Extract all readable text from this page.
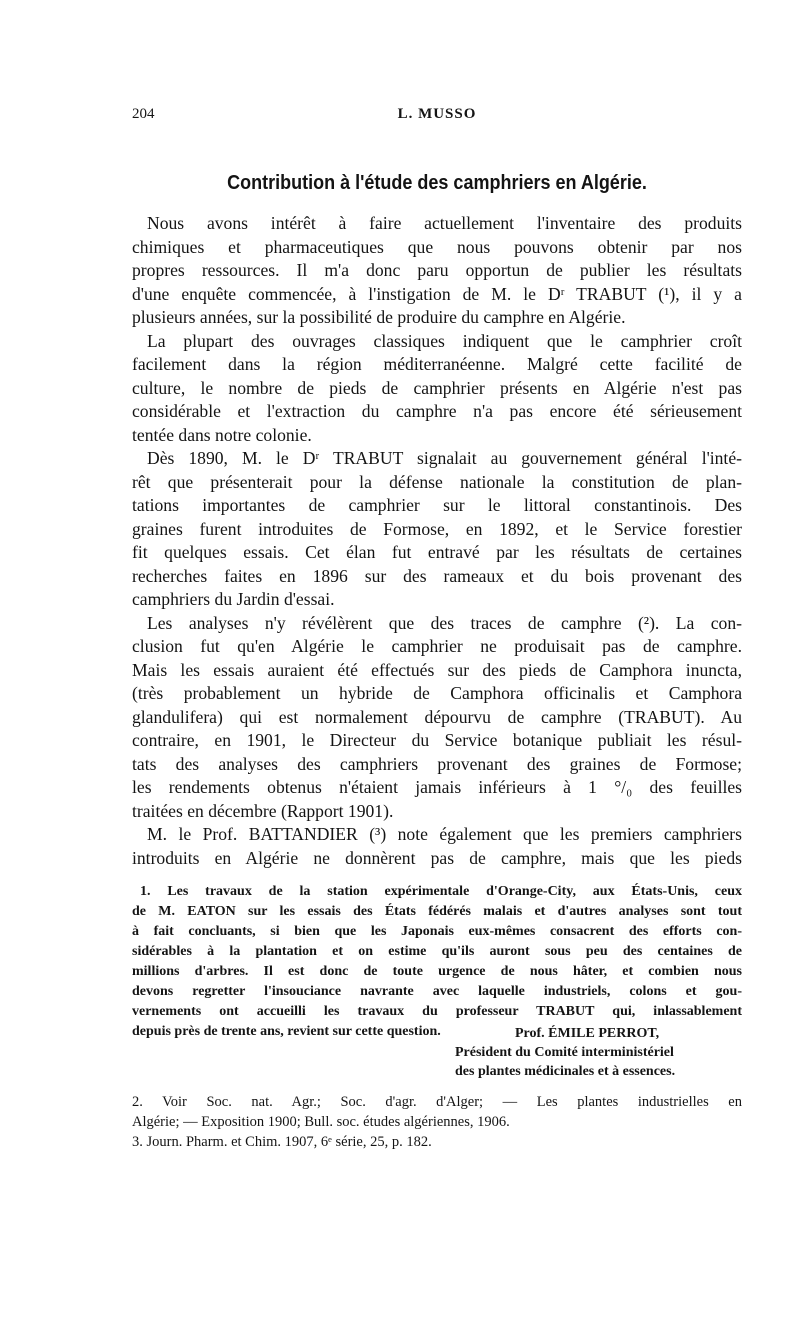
204	L. MUSSO
Contribution à l'étude des camphriers en Algérie.
Nous avons intérêt à faire actuellement l'inventaire des produits
chimiques et pharmaceutiques que nous pouvons obtenir par nos
propres ressources. Il m'a donc paru opportun de publier les résultats
d'une enquête commencée, à l'instigation de M. le Dʳ TRABUT (¹), il y a
plusieurs années, sur la possibilité de produire du camphre en Algérie.
La plupart des ouvrages classiques indiquent que le camphrier croît
facilement dans la région méditerranéenne. Malgré cette facilité de
culture, le nombre de pieds de camphrier présents en Algérie n'est pas
considérable et l'extraction du camphre n'a pas encore été sérieusement
tentée dans notre colonie.
Dès 1890, M. le Dʳ TRABUT signalait au gouvernement général l'inté-
rêt que présenterait pour la défense nationale la constitution de plan-
tations importantes de camphrier sur le littoral constantinois. Des
graines furent introduites de Formose, en 1892, et le Service forestier
fit quelques essais. Cet élan fut entravé par les résultats de certaines
recherches faites en 1896 sur des rameaux et du bois provenant des
camphriers du Jardin d'essai.
Les analyses n'y révélèrent que des traces de camphre (²). La con-
clusion fut qu'en Algérie le camphrier ne produisait pas de camphre.
Mais les essais auraient été effectués sur des pieds de Camphora inuncta,
(très probablement un hybride de Camphora officinalis et Camphora
glandulifera) qui est normalement dépourvu de camphre (TRABUT). Au
contraire, en 1901, le Directeur du Service botanique publiait les résul-
tats des analyses des camphriers provenant des graines de Formose;
les rendements obtenus n'étaient jamais inférieurs à 1 °/₀ des feuilles
traitées en décembre (Rapport 1901).
M. le Prof. BATTANDIER (³) note également que les premiers camphriers
introduits en Algérie ne donnèrent pas de camphre, mais que les pieds
1. Les travaux de la station expérimentale d'Orange-City, aux États-Unis, ceux
de M. EATON sur les essais des États fédérés malais et d'autres analyses sont tout
à fait concluants, si bien que les Japonais eux-mêmes consacrent des efforts con-
sidérables à la plantation et on estime qu'ils auront sous peu des centaines de
millions d'arbres. Il est donc de toute urgence de nous hâter, et combien nous
devons regretter l'insouciance navrante avec laquelle industriels, colons et gou-
vernements ont accueilli les travaux du professeur TRABUT qui, inlassablement
depuis près de trente ans, revient sur cette question.	Prof. ÉMILE PERROT,
Président du Comité interministériel
des plantes médicinales et à essences.
2. Voir Soc. nat. Agr.; Soc. d'agr. d'Alger; — Les plantes industrielles en
Algérie; — Exposition 1900; Bull. soc. études algériennes, 1906.
3. Journ. Pharm. et Chim. 1907, 6ᵉ série, 25, p. 182.
